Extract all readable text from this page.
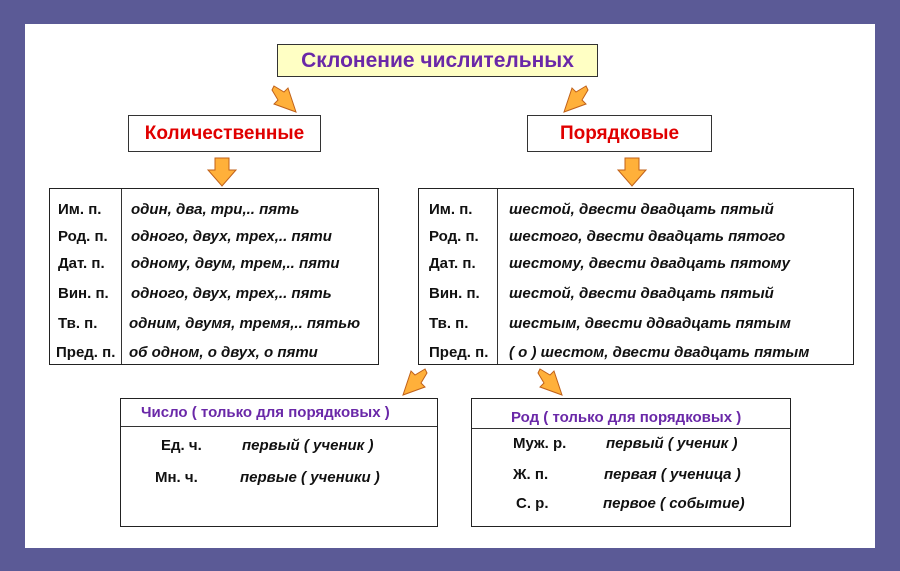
Склонение числительных
Количественные	Порядковые
Им. п. один, два, три,.. пять
Род. п. одного, двух, трех,.. пяти
Дат. п. одному, двум, трем,.. пяти
Вин. п. одного, двух, трех,.. пять
Тв. п. одним, двумя, тремя,.. пятью
Пред. п. об одном, о двух, о пяти
Им. п. шестой, двести двадцать пятый
Род. п. шестого, двести двадцать пятого
Дат. п. шестому, двести двадцать пятому
Вин. п. шестой, двести двадцать пятый
Тв. п.	шестым, двести ддвадцать пятым
Пред. п. ( о ) шестом, двести двадцать пятым
Число ( только для порядковых )
Ед. ч.	первый ( ученик )
Мн. ч.	первые ( ученики )
Род ( только для порядковых )
Муж. р.	первый ( ученик )
Ж. п.	первая ( ученица )
С. р.	первое ( событие)
